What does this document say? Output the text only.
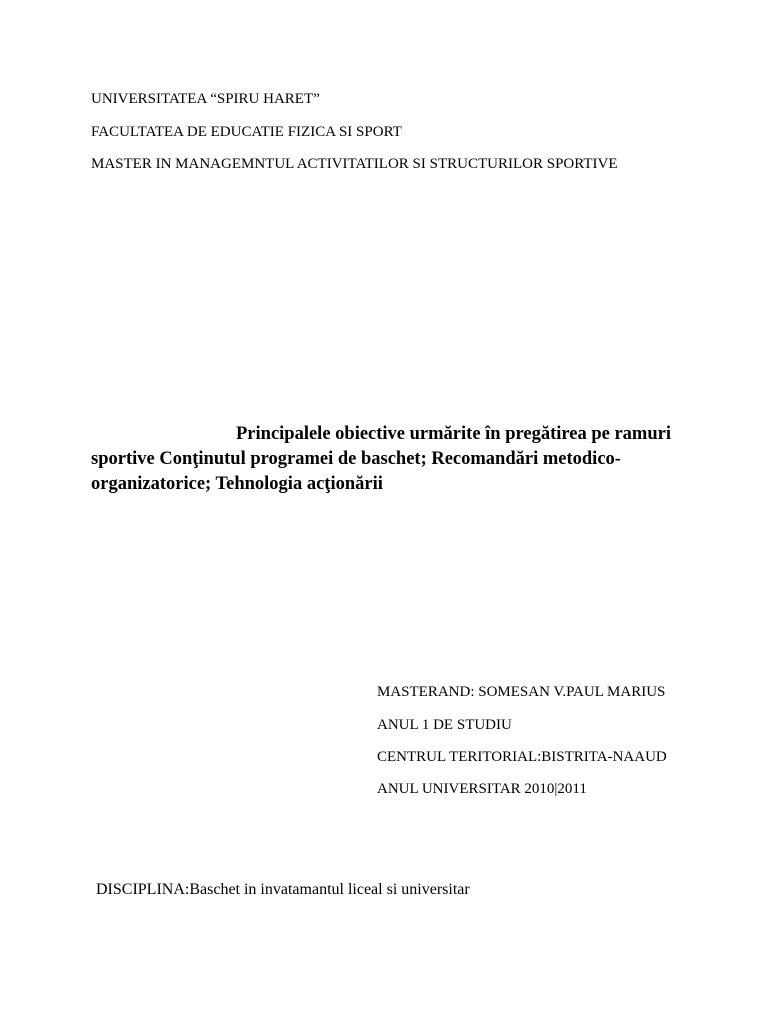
UNIVERSITATEA “SPIRU HARET”
FACULTATEA DE EDUCATIE FIZICA SI SPORT
MASTER IN MANAGEMNTUL ACTIVITATILOR SI STRUCTURILOR SPORTIVE
Principalele obiective urmărite în pregătirea pe ramuri sportive Conţinutul programei de baschet; Recomandări metodico-organizatorice; Tehnologia acţionării
MASTERAND: SOMESAN V.PAUL MARIUS
ANUL 1 DE STUDIU
CENTRUL TERITORIAL:BISTRITA-NAAUD
ANUL UNIVERSITAR 2010|2011
DISCIPLINA:Baschet in invatamantul liceal si universitar
